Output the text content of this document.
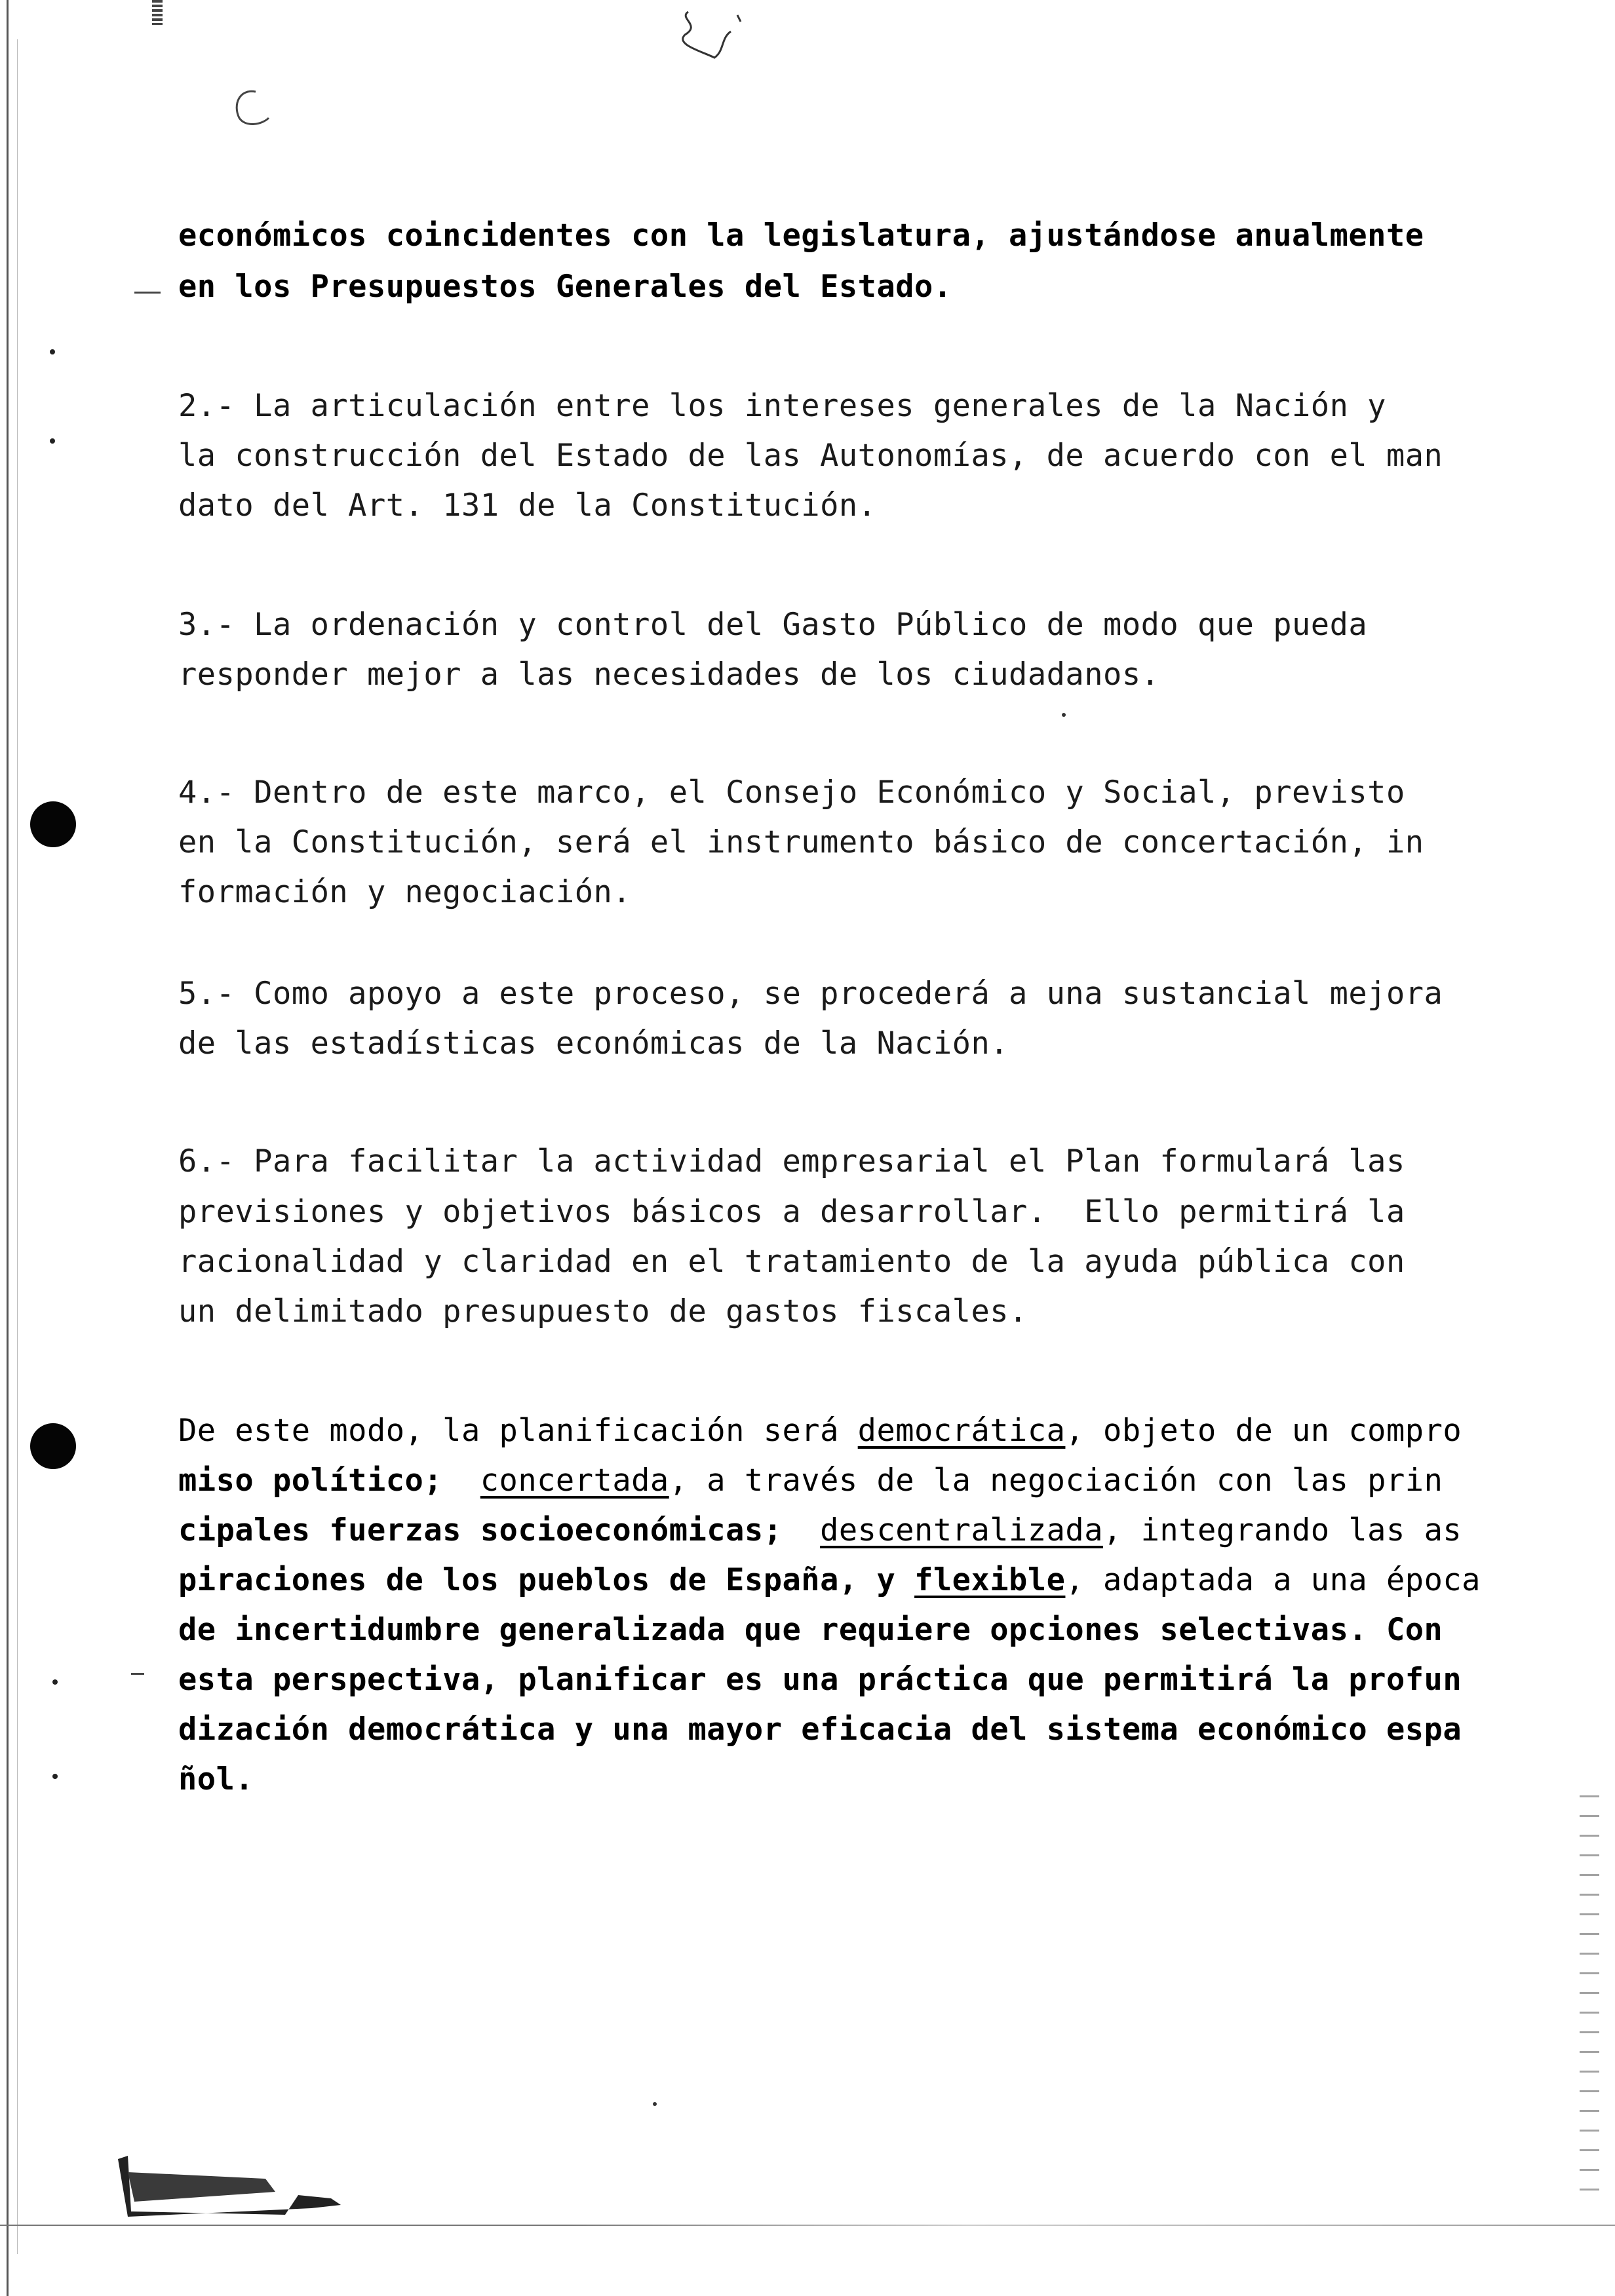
económicos coincidentes con la legislatura, ajustándose anualmente

en los Presupuestos Generales del Estado.

2.- La articulación entre los intereses generales de la Nación y

la construcción del Estado de las Autonomías, de acuerdo con el man

dato del Art. 131 de la Constitución.

3.- La ordenación y control del Gasto Público de modo que pueda

responder mejor a las necesidades de los ciudadanos.

4.- Dentro de este marco, el Consejo Económico y Social, previsto

en la Constitución, será el instrumento básico de concertación, in

formación y negociación.

5.- Como apoyo a este proceso, se procederá a una sustancial mejora

de las estadísticas económicas de la Nación.

6.- Para facilitar la actividad empresarial el Plan formulará las

previsiones y objetivos básicos a desarrollar.  Ello permitirá la

racionalidad y claridad en el tratamiento de la ayuda pública con

un delimitado presupuesto de gastos fiscales.

De este modo, la planificación será democrática, objeto de un compro

miso político;  concertada, a través de la negociación con las prin

cipales fuerzas socioeconómicas;  descentralizada, integrando las as

piraciones de los pueblos de España, y flexible, adaptada a una época

de incertidumbre generalizada que requiere opciones selectivas. Con

esta perspectiva, planificar es una práctica que permitirá la profun

dización democrática y una mayor eficacia del sistema económico espa

ñol.
